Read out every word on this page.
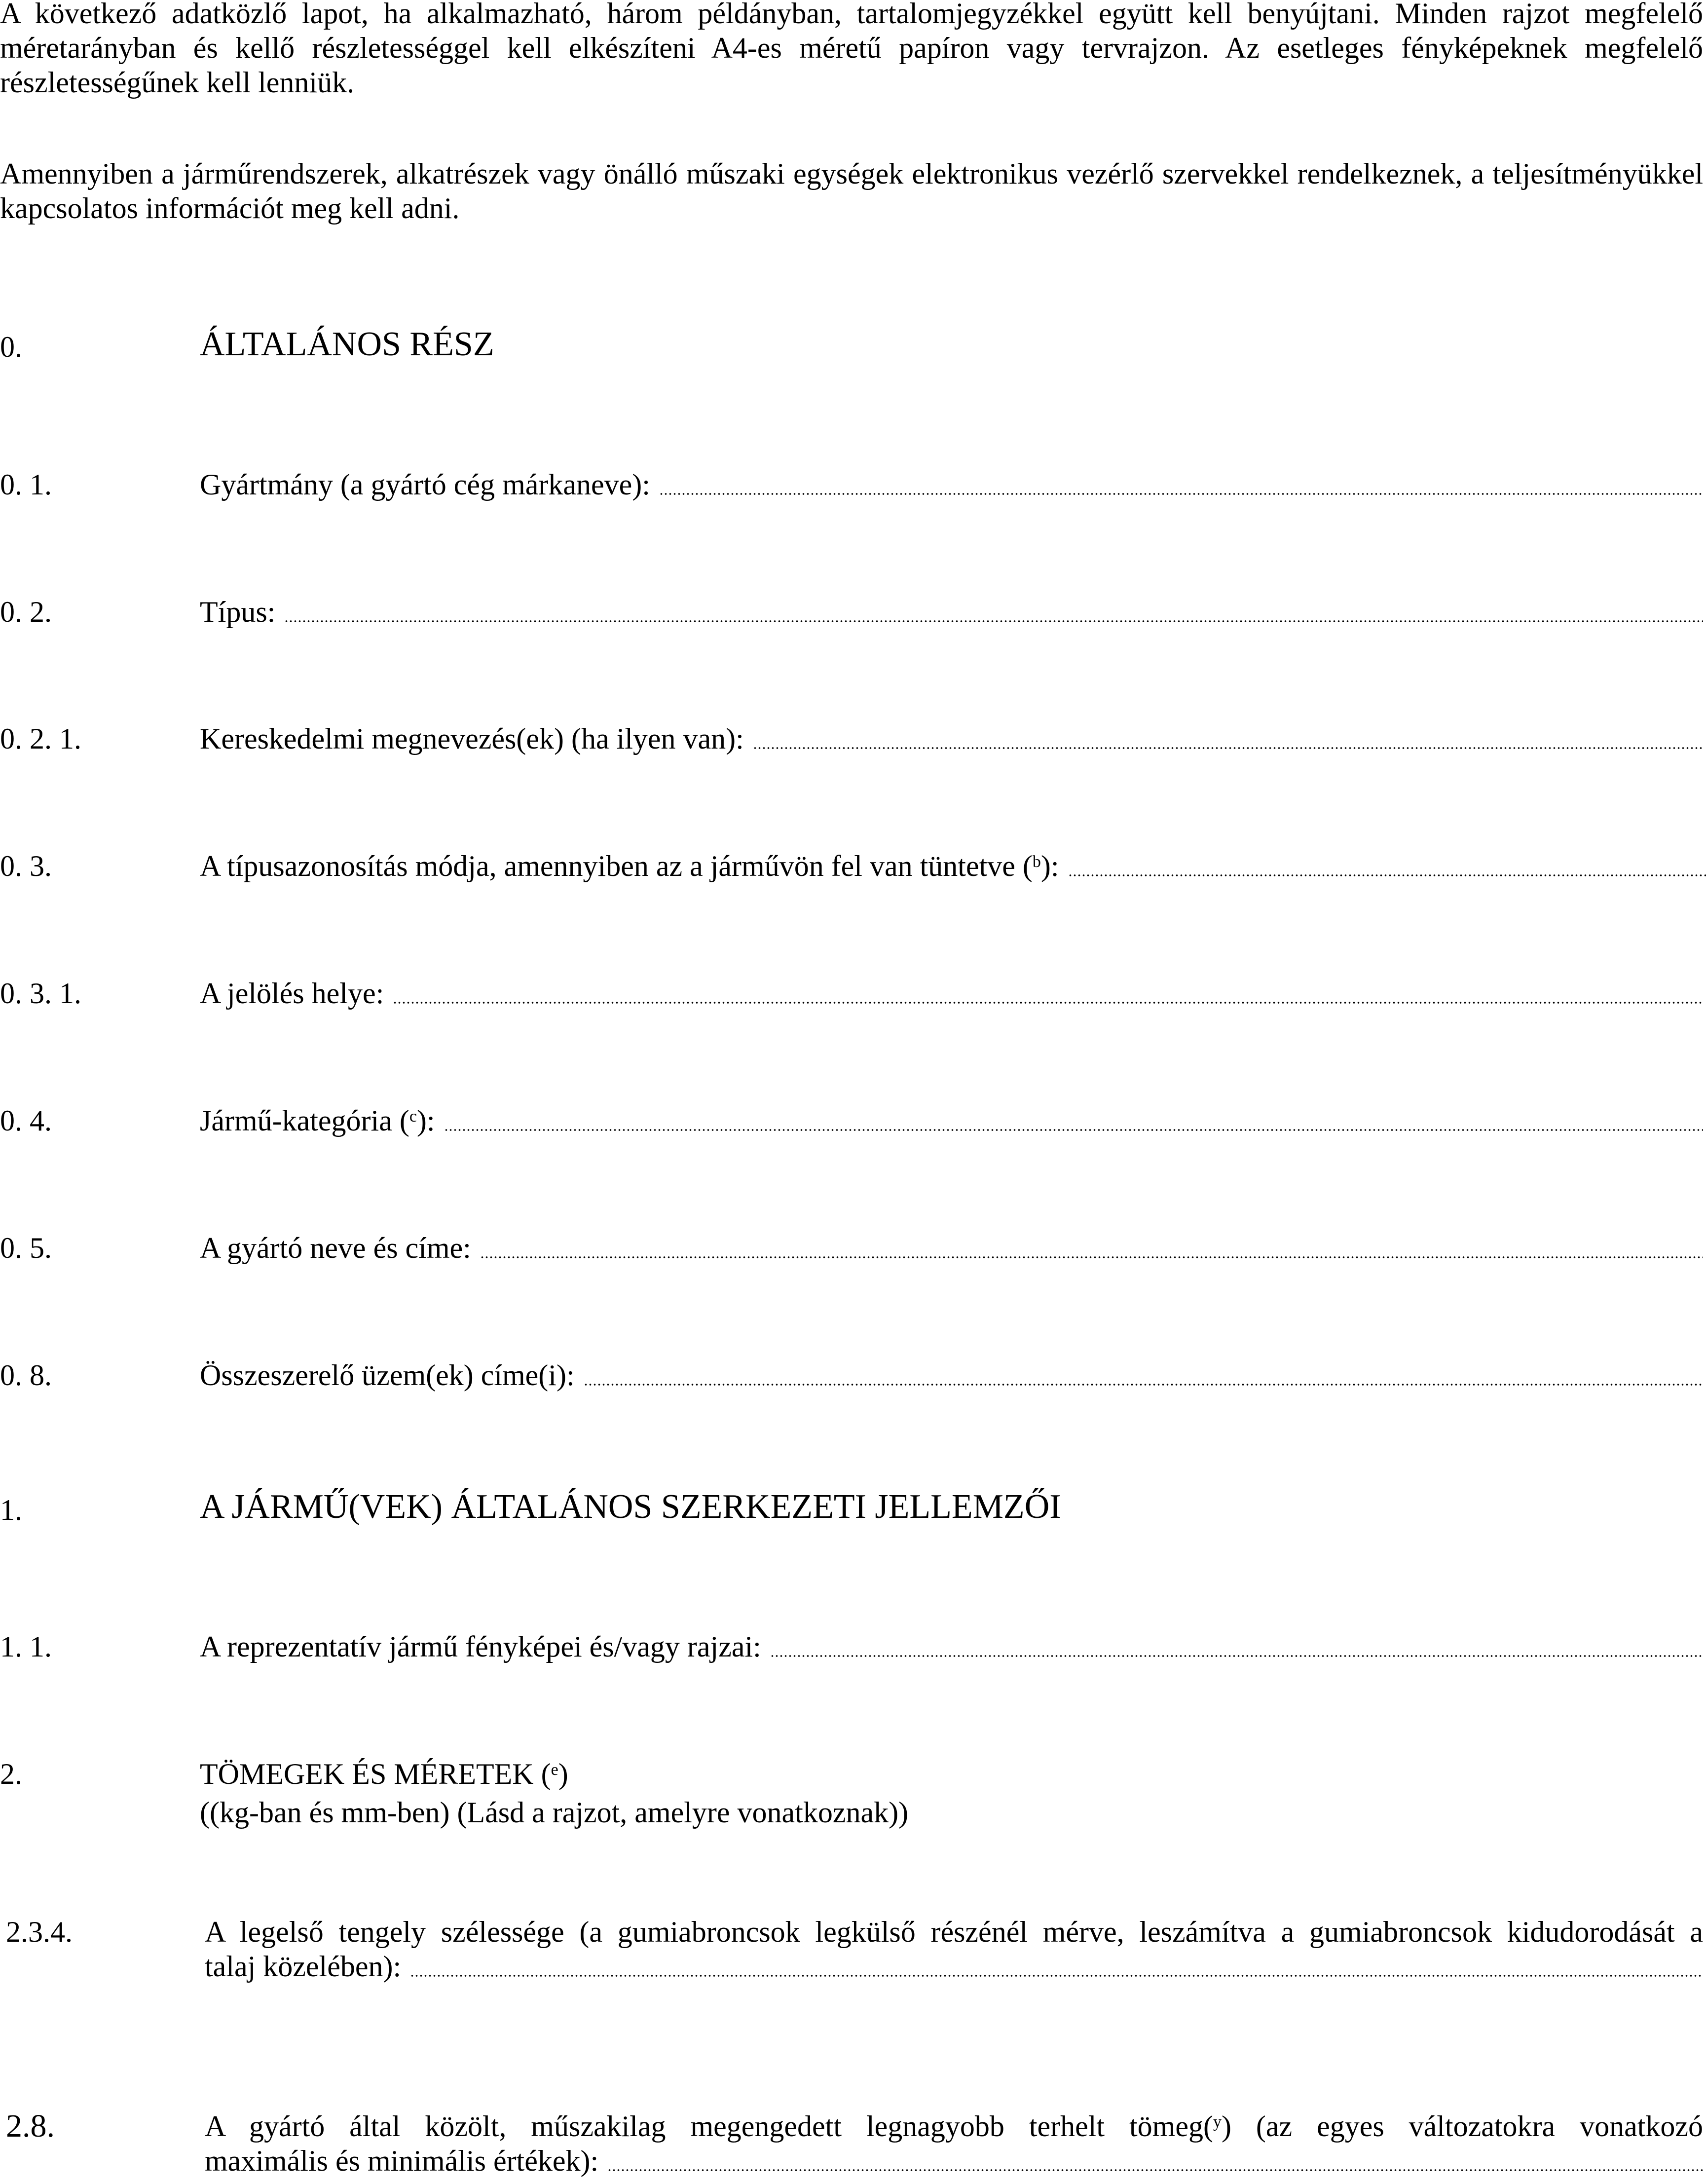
A következő adatközlő lapot, ha alkalmazható, három példányban, tartalomjegyzékkel együtt kell benyújtani. Minden rajzot megfelelő méretarányban és kellő részletességgel kell elkészíteni A4-es méretű papíron vagy tervrajzon. Az esetleges fényképeknek megfelelő részletességűnek kell lenniük.

Amennyiben a járműrendszerek, alkatrészek vagy önálló műszaki egységek elektronikus vezérlő szervekkel rendelkeznek, a teljesítményükkel kapcsolatos információt meg kell adni.

0.	ÁLTALÁNOS RÉSZ
0. 1.	Gyártmány (a gyártó cég márkaneve):
0. 2.	Típus:
0. 2. 1.	Kereskedelmi megnevezés(ek) (ha ilyen van):
0. 3.	A típusazonosítás módja, amennyiben az a járművön fel van tüntetve ($^b$):
0. 3. 1.	A jelölés helye:
0. 4.	Jármű-kategória ($^c$):
0. 5.	A gyártó neve és címe:
0. 8.	Összeszerelő üzem(ek) címe(i):
1.	A JÁRMŰ(VEK) ÁLTALÁNOS SZERKEZETI JELLEMZŐI
1. 1.	A reprezentatív jármű fényképei és/vagy rajzai:
2.	TÖMEGEK ÉS MÉRETEK ($^e$)
((kg-ban és mm-ben) (Lásd a rajzot, amelyre vonatkoznak))
2.3.4.	A legelső tengely szélessége (a gumiabroncsok legkülső részénél mérve, leszámítva a gumiabroncsok kidudorodását a

talaj közelében):
2.8.	A gyártó által közölt, műszakilag megengedett legnagyobb terhelt tömeg($^y$) (az egyes változatokra vonatkozó

maximális és minimális értékek):
